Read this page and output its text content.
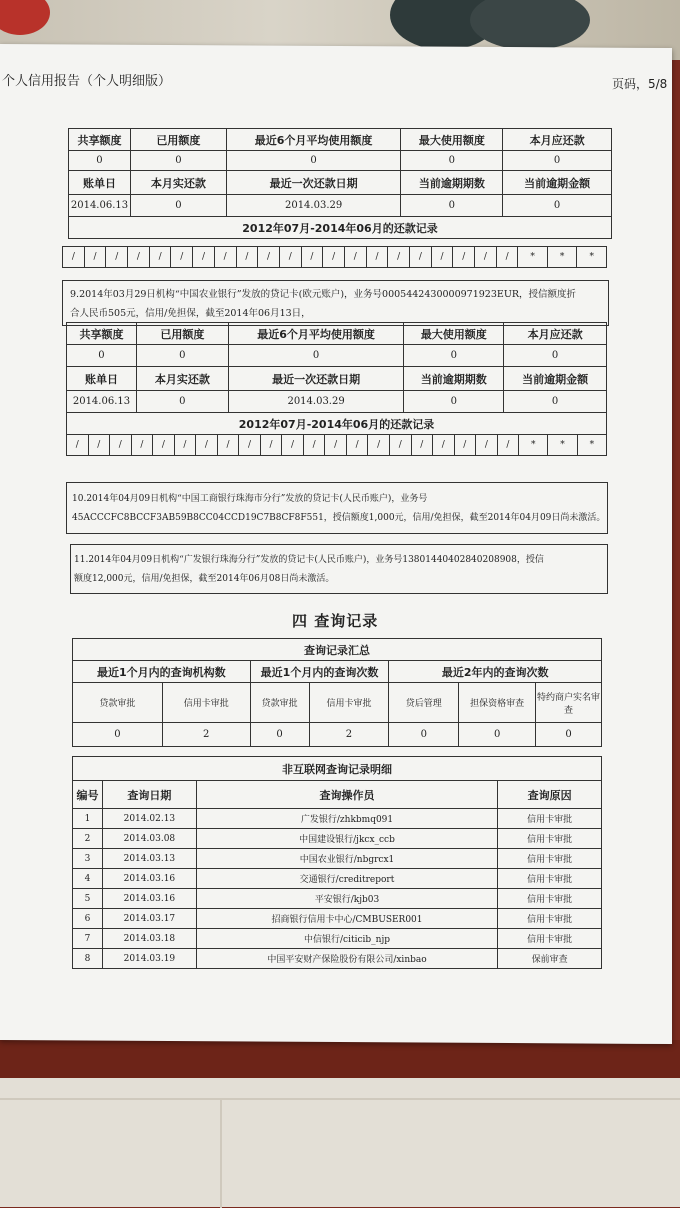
个人信用报告（个人明细版）	页码，5/8
共享额度	已用额度	最近6个月平均使用额度	最大使用额度	本月应还款
0	0	0	0	0
账单日	本月实还款	最近一次还款日期	当前逾期期数	当前逾期金额
2014.06.13	0	2014.03.29	0	0
2012年07月-2014年06月的还款记录				
/	/	/	/	/	/	/	/	/	/	/	/	/	/	/	/	/	/	/	/	/	*	*	*
9.2014年03月29日机构“中国农业银行”发放的贷记卡(欧元账户)，业务号0005442430000971923EUR，授信额度折
合人民币505元，信用/免担保，截至2014年06月13日，
共享额度	已用额度	最近6个月平均使用额度	最大使用额度	本月应还款
0	0	0	0	0
账单日	本月实还款	最近一次还款日期	当前逾期期数	当前逾期金额
2014.06.13	0	2014.03.29	0	0
2012年07月-2014年06月的还款记录				
/	/	/	/	/	/	/	/	/	/	/	/	/	/	/	/	/	/	/	/	/	*	*	*
10.2014年04月09日机构“中国工商银行珠海市分行”发放的贷记卡(人民币账户)，业务号
45ACCCFC8BCCF3AB59B8CC04CCD19C7B8CF8F551，授信额度1,000元，信用/免担保，截至2014年04月09日尚未激活。
11.2014年04月09日机构“广发银行珠海分行”发放的贷记卡(人民币账户)，业务号13801440402840208908，授信
额度12,000元，信用/免担保，截至2014年06月08日尚未激活。
四 查询记录
查询记录汇总						
最近1个月内的查询机构数		最近1个月内的查询次数		最近2年内的查询次数		
贷款审批	信用卡审批	贷款审批	信用卡审批	贷后管理	担保资格审查	特约商户实名审查
0	2	0	2	0	0	0
非互联网查询记录明细			
编号	查询日期	查询操作员	查询原因
1	2014.02.13	广发银行/zhkbmq091	信用卡审批
2	2014.03.08	中国建设银行/jkcx_ccb	信用卡审批
3	2014.03.13	中国农业银行/nbgrcx1	信用卡审批
4	2014.03.16	交通银行/creditreport	信用卡审批
5	2014.03.16	平安银行/kjb03	信用卡审批
6	2014.03.17	招商银行信用卡中心/CMBUSER001	信用卡审批
7	2014.03.18	中信银行/citicib_njp	信用卡审批
8	2014.03.19	中国平安财产保险股份有限公司/xinbao	保前审查
